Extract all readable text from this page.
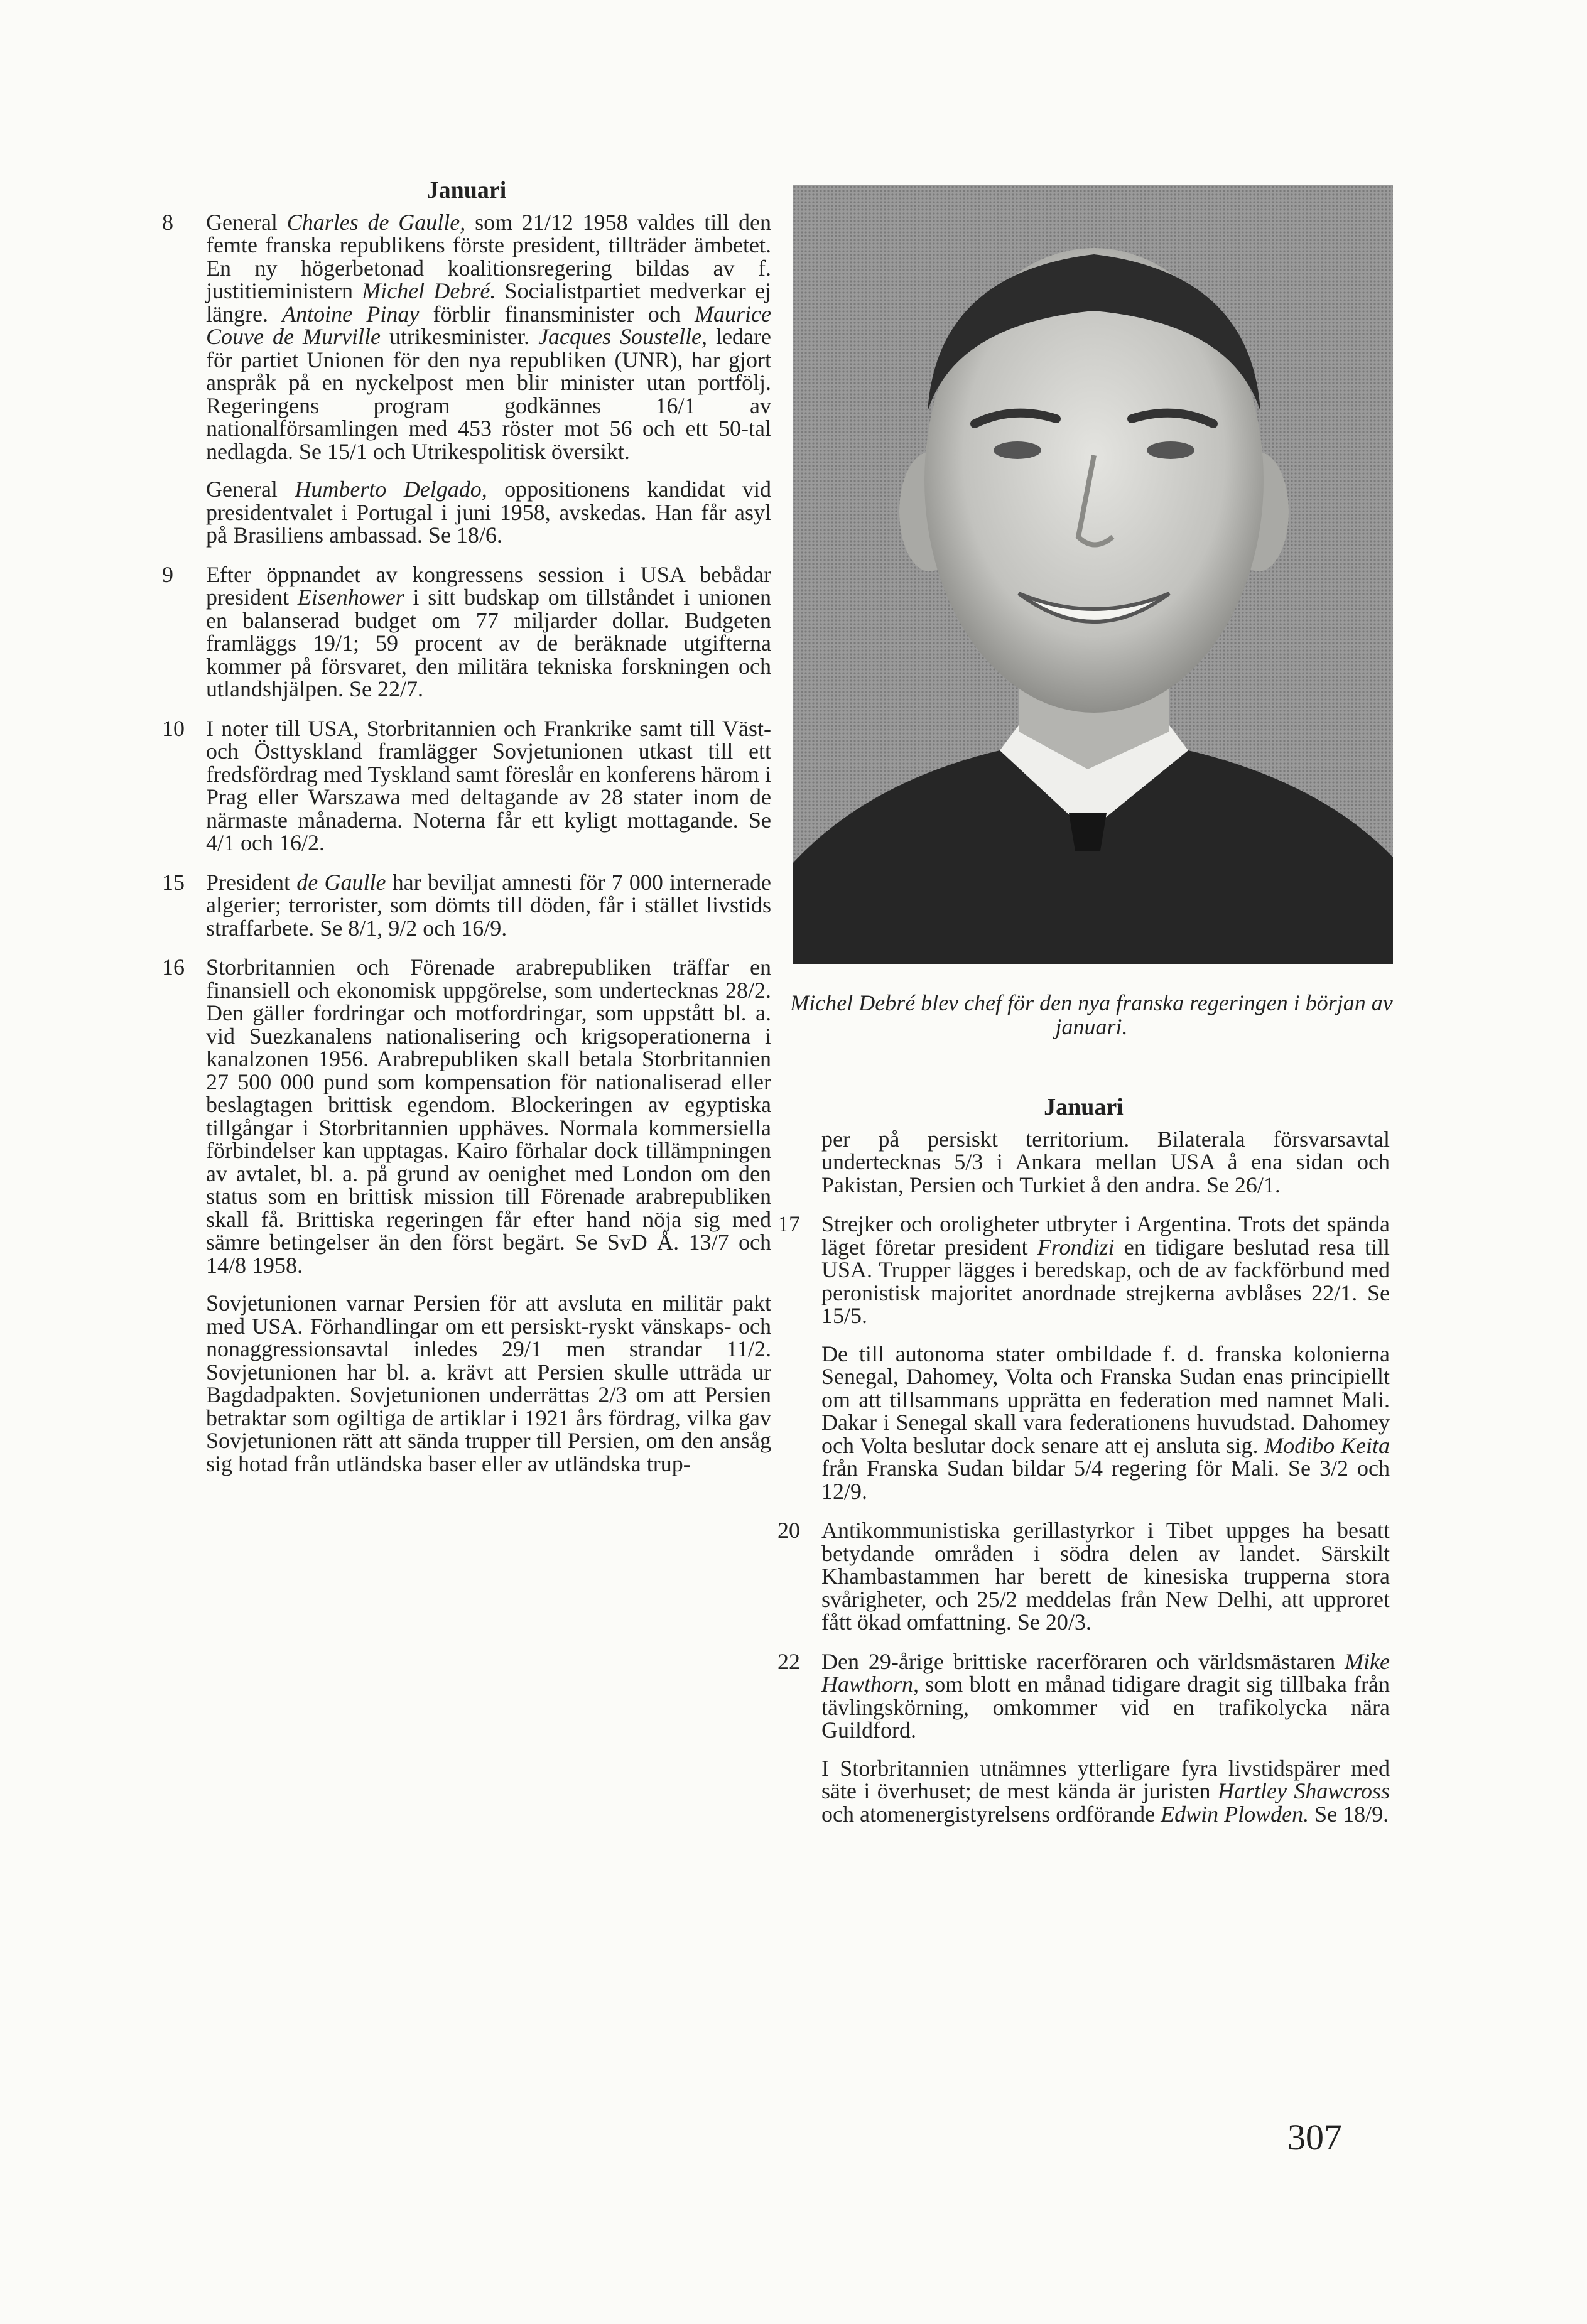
Januari
8 General Charles de Gaulle, som 21/12 1958 valdes till den femte franska republikens förste president, tillträder ämbetet. En ny högerbetonad koalitionsregering bildas av f. justitieministern Michel Debré. Socialistpartiet medverkar ej längre. Antoine Pinay förblir finansminister och Maurice Couve de Murville utrikesminister. Jacques Soustelle, ledare för partiet Unionen för den nya republiken (UNR), har gjort anspråk på en nyckelpost men blir minister utan portfölj. Regeringens program godkännes 16/1 av nationalförsamlingen med 453 röster mot 56 och ett 50-tal nedlagda. Se 15/1 och Utrikespolitisk översikt.

General Humberto Delgado, oppositionens kandidat vid presidentvalet i Portugal i juni 1958, avskedas. Han får asyl på Brasiliens ambassad. Se 18/6.

9 Efter öppnandet av kongressens session i USA bebådar president Eisenhower i sitt budskap om tillståndet i unionen en balanserad budget om 77 miljarder dollar. Budgeten framläggs 19/1; 59 procent av de beräknade utgifterna kommer på försvaret, den militära tekniska forskningen och utlandshjälpen. Se 22/7.

10 I noter till USA, Storbritannien och Frankrike samt till Väst- och Östtyskland framlägger Sovjetunionen utkast till ett fredsfördrag med Tyskland samt föreslår en konferens härom i Prag eller Warszawa med deltagande av 28 stater inom de närmaste månaderna. Noterna får ett kyligt mottagande. Se 4/1 och 16/2.

15 President de Gaulle har beviljat amnesti för 7 000 internerade algerier; terrorister, som dömts till döden, får i stället livstids straffarbete. Se 8/1, 9/2 och 16/9.

16 Storbritannien och Förenade arabrepubliken träffar en finansiell och ekonomisk uppgörelse, som undertecknas 28/2. Den gäller fordringar och motfordringar, som uppstått bl. a. vid Suezkanalens nationalisering och krigsoperationerna i kanalzonen 1956. Arabrepubliken skall betala Storbritannien 27 500 000 pund som kompensation för nationaliserad eller beslagtagen brittisk egendom. Blockeringen av egyptiska tillgångar i Storbritannien upphäves. Normala kommersiella förbindelser kan upptagas. Kairo förhalar dock tillämpningen av avtalet, bl. a. på grund av oenighet med London om den status som en brittisk mission till Förenade arabrepubliken skall få. Brittiska regeringen får efter hand nöja sig med sämre betingelser än den först begärt. Se SvD Å. 13/7 och 14/8 1958.

Sovjetunionen varnar Persien för att avsluta en militär pakt med USA. Förhandlingar om ett persiskt-ryskt vänskaps- och nonaggressionsavtal inledes 29/1 men strandar 11/2. Sovjetunionen har bl. a. krävt att Persien skulle utträda ur Bagdadpakten. Sovjetunionen underrättas 2/3 om att Persien betraktar som ogiltiga de artiklar i 1921 års fördrag, vilka gav Sovjetunionen rätt att sända trupper till Persien, om den ansåg sig hotad från utländska baser eller av utländska trup-

Michel Debré blev chef för den nya franska regeringen i början av januari.
Januari

per på persiskt territorium. Bilaterala försvarsavtal undertecknas 5/3 i Ankara mellan USA å ena sidan och Pakistan, Persien och Turkiet å den andra. Se 26/1.

17 Strejker och oroligheter utbryter i Argentina. Trots det spända läget företar president Frondizi en tidigare beslutad resa till USA. Trupper lägges i beredskap, och de av fackförbund med peronistisk majoritet anordnade strejkerna avblåses 22/1. Se 15/5.

De till autonoma stater ombildade f. d. franska kolonierna Senegal, Dahomey, Volta och Franska Sudan enas principiellt om att tillsammans upprätta en federation med namnet Mali. Dakar i Senegal skall vara federationens huvudstad. Dahomey och Volta beslutar dock senare att ej ansluta sig. Modibo Keita från Franska Sudan bildar 5/4 regering för Mali. Se 3/2 och 12/9.

20 Antikommunistiska gerillastyrkor i Tibet uppges ha besatt betydande områden i södra delen av landet. Särskilt Khambastammen har berett de kinesiska trupperna stora svårigheter, och 25/2 meddelas från New Delhi, att upproret fått ökad omfattning. Se 20/3.

22 Den 29-årige brittiske racerföraren och världsmästaren Mike Hawthorn, som blott en månad tidigare dragit sig tillbaka från tävlingskörning, omkommer vid en trafikolycka nära Guildford.

I Storbritannien utnämnes ytterligare fyra livstidspärer med säte i överhuset; de mest kända är juristen Hartley Shawcross och atomenergistyrelsens ordförande Edwin Plowden. Se 18/9.

307
